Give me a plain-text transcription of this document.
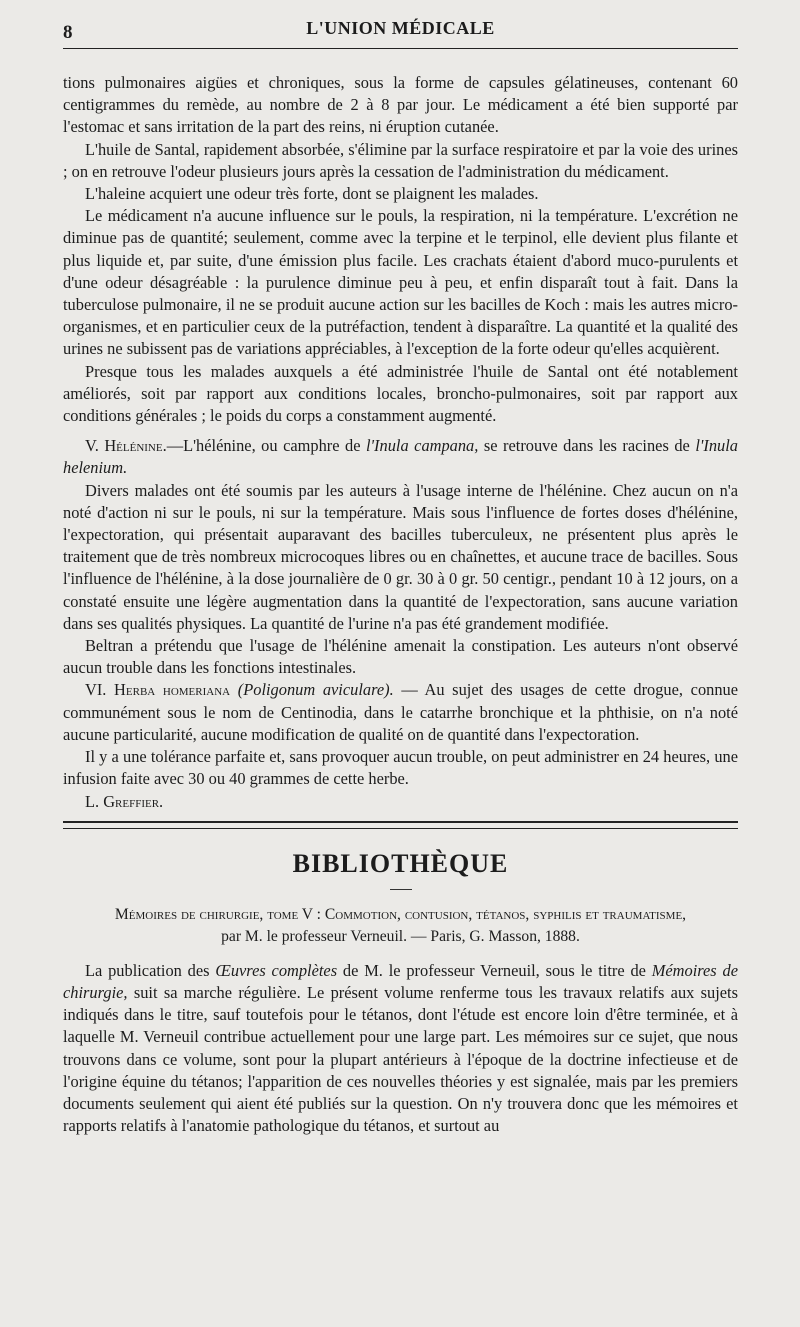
8	L'UNION MÉDICALE

tions pulmonaires aigües et chroniques, sous la forme de capsules gélatineuses, contenant 60 centigrammes du remède, au nombre de 2 à 8 par jour. Le médicament a été bien supporté par l'estomac et sans irritation de la part des reins, ni éruption cutanée.

L'huile de Santal, rapidement absorbée, s'élimine par la surface respiratoire et par la voie des urines ; on en retrouve l'odeur plusieurs jours après la cessation de l'administration du médicament.

L'haleine acquiert une odeur très forte, dont se plaignent les malades.

Le médicament n'a aucune influence sur le pouls, la respiration, ni la température. L'excrétion ne diminue pas de quantité; seulement, comme avec la terpine et le terpinol, elle devient plus filante et plus liquide et, par suite, d'une émission plus facile. Les crachats étaient d'abord muco-purulents et d'une odeur désagréable : la purulence diminue peu à peu, et enfin disparaît tout à fait. Dans la tuberculose pulmonaire, il ne se produit aucune action sur les bacilles de Koch : mais les autres micro-organismes, et en particulier ceux de la putréfaction, tendent à disparaître. La quantité et la qualité des urines ne subissent pas de variations appréciables, à l'exception de la forte odeur qu'elles acquièrent.

Presque tous les malades auxquels a été administrée l'huile de Santal ont été notablement améliorés, soit par rapport aux conditions locales, broncho-pulmonaires, soit par rapport aux conditions générales ; le poids du corps a constamment augmenté.

V. Hélénine.—L'hélénine, ou camphre de l'Inula campana, se retrouve dans les racines de l'Inula helenium.

Divers malades ont été soumis par les auteurs à l'usage interne de l'hélénine. Chez aucun on n'a noté d'action ni sur le pouls, ni sur la température. Mais sous l'influence de fortes doses d'hélénine, l'expectoration, qui présentait auparavant des bacilles tuberculeux, ne présentent plus après le traitement que de très nombreux microcoques libres ou en chaînettes, et aucune trace de bacilles. Sous l'influence de l'hélénine, à la dose journalière de 0 gr. 30 à 0 gr. 50 centigr., pendant 10 à 12 jours, on a constaté ensuite une légère augmentation dans la quantité de l'expectoration, sans aucune variation dans ses qualités physiques. La quantité de l'urine n'a pas été grandement modifiée.

Beltran a prétendu que l'usage de l'hélénine amenait la constipation. Les auteurs n'ont observé aucun trouble dans les fonctions intestinales.

VI. Herba homeriana (Poligonum aviculare). — Au sujet des usages de cette drogue, connue communément sous le nom de Centinodia, dans le catarrhe bronchique et la phthisie, on n'a noté aucune particularité, aucune modification de qualité on de quantité dans l'expectoration.

Il y a une tolérance parfaite et, sans provoquer aucun trouble, on peut administrer en 24 heures, une infusion faite avec 30 ou 40 grammes de cette herbe.

L. Greffier.

BIBLIOTHÈQUE
Mémoires de chirurgie, tome V : Commotion, contusion, tétanos, syphilis et traumatisme,
par M. le professeur Verneuil. — Paris, G. Masson, 1888.

La publication des Œuvres complètes de M. le professeur Verneuil, sous le titre de Mémoires de chirurgie, suit sa marche régulière. Le présent volume renferme tous les travaux relatifs aux sujets indiqués dans le titre, sauf toutefois pour le tétanos, dont l'étude est encore loin d'être terminée, et à laquelle M. Verneuil contribue actuellement pour une large part. Les mémoires sur ce sujet, que nous trouvons dans ce volume, sont pour la plupart antérieurs à l'époque de la doctrine infectieuse et de l'origine équine du tétanos; l'apparition de ces nouvelles théories y est signalée, mais par les premiers documents seulement qui aient été publiés sur la question. On n'y trouvera donc que les mémoires et rapports relatifs à l'anatomie pathologique du tétanos, et surtout au
